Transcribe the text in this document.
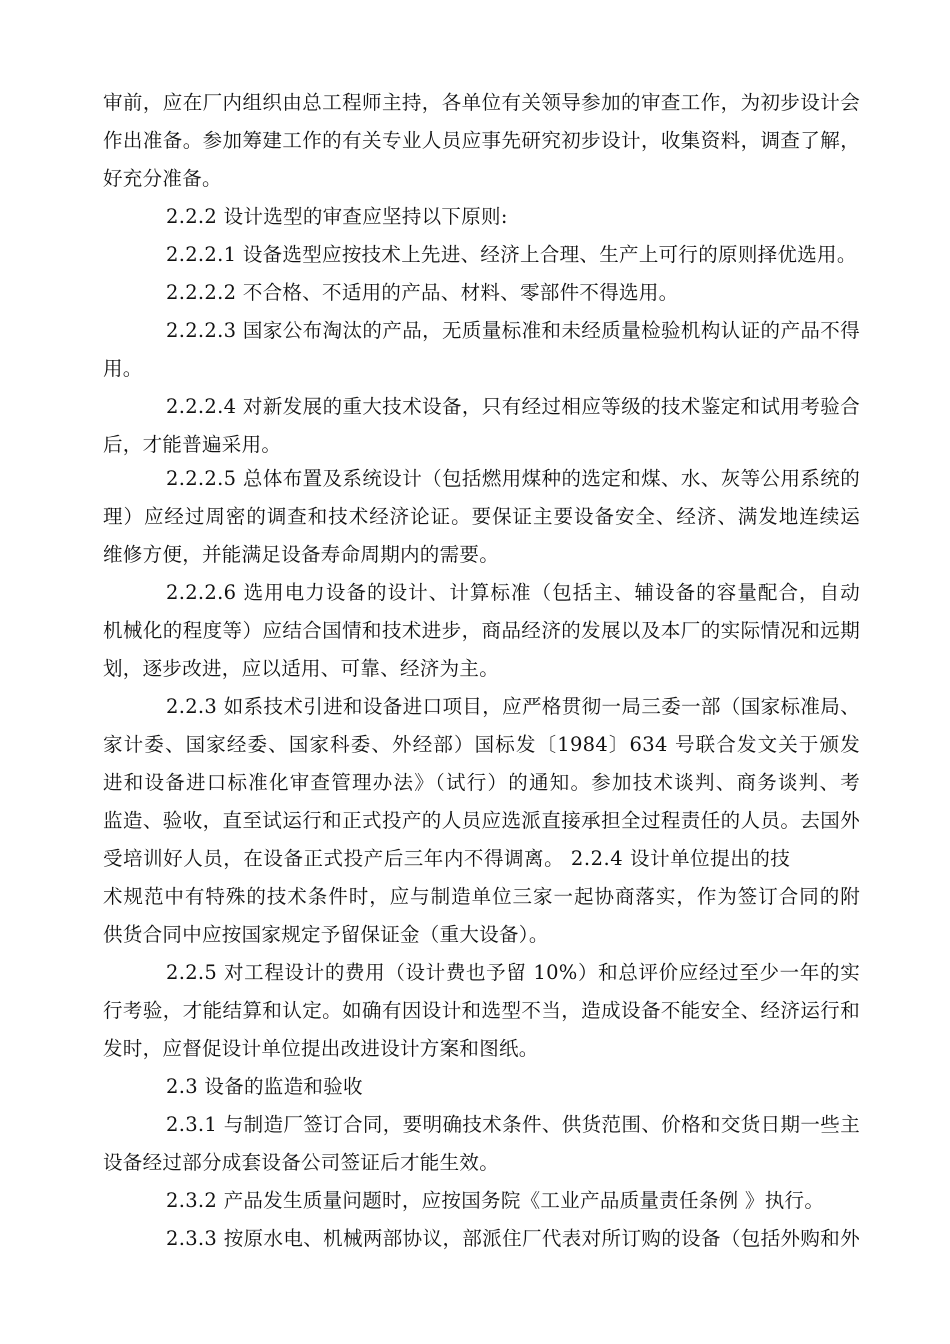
审前，应在厂内组织由总工程师主持，各单位有关领导参加的审查工作，为初步设计会
作出准备。参加筹建工作的有关专业人员应事先研究初步设计，收集资料，调查了解，
好充分准备。
2.2.2 设计选型的审查应坚持以下原则:
2.2.2.1 设备选型应按技术上先进、经济上合理、生产上可行的原则择优选用。
2.2.2.2 不合格、不适用的产品、材料、零部件不得选用。
2.2.2.3 国家公布淘汰的产品，无质量标准和未经质量检验机构认证的产品不得
用。
2.2.2.4 对新发展的重大技术设备，只有经过相应等级的技术鉴定和试用考验合
后，才能普遍采用。
2.2.2.5 总体布置及系统设计（包括燃用煤种的选定和煤、水、灰等公用系统的
理）应经过周密的调查和技术经济论证。要保证主要设备安全、经济、满发地连续运
维修方便，并能满足设备寿命周期内的需要。
2.2.2.6 选用电力设备的设计、计算标准（包括主、辅设备的容量配合，自动
机械化的程度等）应结合国情和技术进步，商品经济的发展以及本厂的实际情况和远期
划，逐步改进，应以适用、可靠、经济为主。
2.2.3 如系技术引进和设备进口项目，应严格贯彻一局三委一部（国家标准局、
家计委、国家经委、国家科委、外经部）国标发〔1984〕634 号联合发文关于颁发
进和设备进口标准化审查管理办法》（试行）的通知。参加技术谈判、商务谈判、考
监造、验收，直至试运行和正式投产的人员应选派直接承担全过程责任的人员。去国外
受培训好人员，在设备正式投产后三年内不得调离。 2.2.4 设计单位提出的技
术规范中有特殊的技术条件时，应与制造单位三家一起协商落实，作为签订合同的附
供货合同中应按国家规定予留保证金（重大设备）。
2.2.5 对工程设计的费用（设计费也予留 10%）和总评价应经过至少一年的实
行考验，才能结算和认定。如确有因设计和选型不当，造成设备不能安全、经济运行和
发时，应督促设计单位提出改进设计方案和图纸。
2.3 设备的监造和验收
2.3.1 与制造厂签订合同，要明确技术条件、供货范围、价格和交货日期一些主
设备经过部分成套设备公司签证后才能生效。
2.3.2 产品发生质量问题时，应按国务院《工业产品质量责任条例 》执行。
2.3.3 按原水电、机械两部协议，部派住厂代表对所订购的设备（包括外购和外
